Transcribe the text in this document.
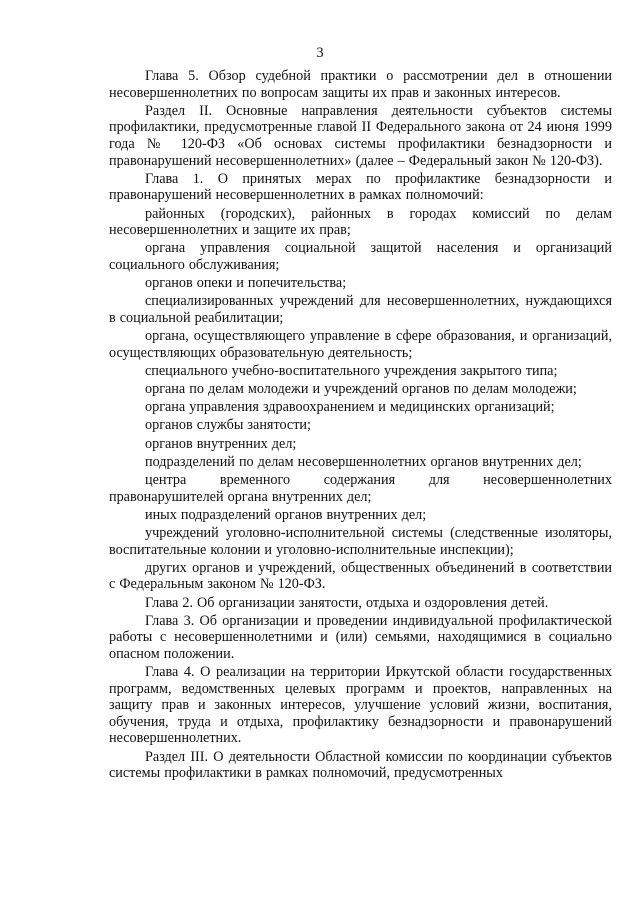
3

Глава 5. Обзор судебной практики о рассмотрении дел в отношении несовершеннолетних по вопросам защиты их прав и законных интересов.

Раздел II. Основные направления деятельности субъектов системы профилактики, предусмотренные главой II Федерального закона от 24 июня 1999 года № 120-ФЗ «Об основах системы профилактики безнадзорности и правонарушений несовершеннолетних» (далее – Федеральный закон № 120-ФЗ).

Глава 1. О принятых мерах по профилактике безнадзорности и правонарушений несовершеннолетних в рамках полномочий:

районных (городских), районных в городах комиссий по делам несовершеннолетних и защите их прав;

органа управления социальной защитой населения и организаций социального обслуживания;

органов опеки и попечительства;

специализированных учреждений для несовершеннолетних, нуждающихся в социальной реабилитации;

органа, осуществляющего управление в сфере образования, и организаций, осуществляющих образовательную деятельность;

специального учебно-воспитательного учреждения закрытого типа;

органа по делам молодежи и учреждений органов по делам молодежи;

органа управления здравоохранением и медицинских организаций;

органов службы занятости;

органов внутренних дел;

подразделений по делам несовершеннолетних органов внутренних дел;

центра временного содержания для несовершеннолетних правонарушителей органа внутренних дел;

иных подразделений органов внутренних дел;

учреждений уголовно-исполнительной системы (следственные изоляторы, воспитательные колонии и уголовно-исполнительные инспекции);

других органов и учреждений, общественных объединений в соответствии с Федеральным законом № 120-ФЗ.

Глава 2. Об организации занятости, отдыха и оздоровления детей.

Глава 3. Об организации и проведении индивидуальной профилактической работы с несовершеннолетними и (или) семьями, находящимися в социально опасном положении.

Глава 4. О реализации на территории Иркутской области государственных программ, ведомственных целевых программ и проектов, направленных на защиту прав и законных интересов, улучшение условий жизни, воспитания, обучения, труда и отдыха, профилактику безнадзорности и правонарушений несовершеннолетних.

Раздел III. О деятельности Областной комиссии по координации субъектов системы профилактики в рамках полномочий, предусмотренных
